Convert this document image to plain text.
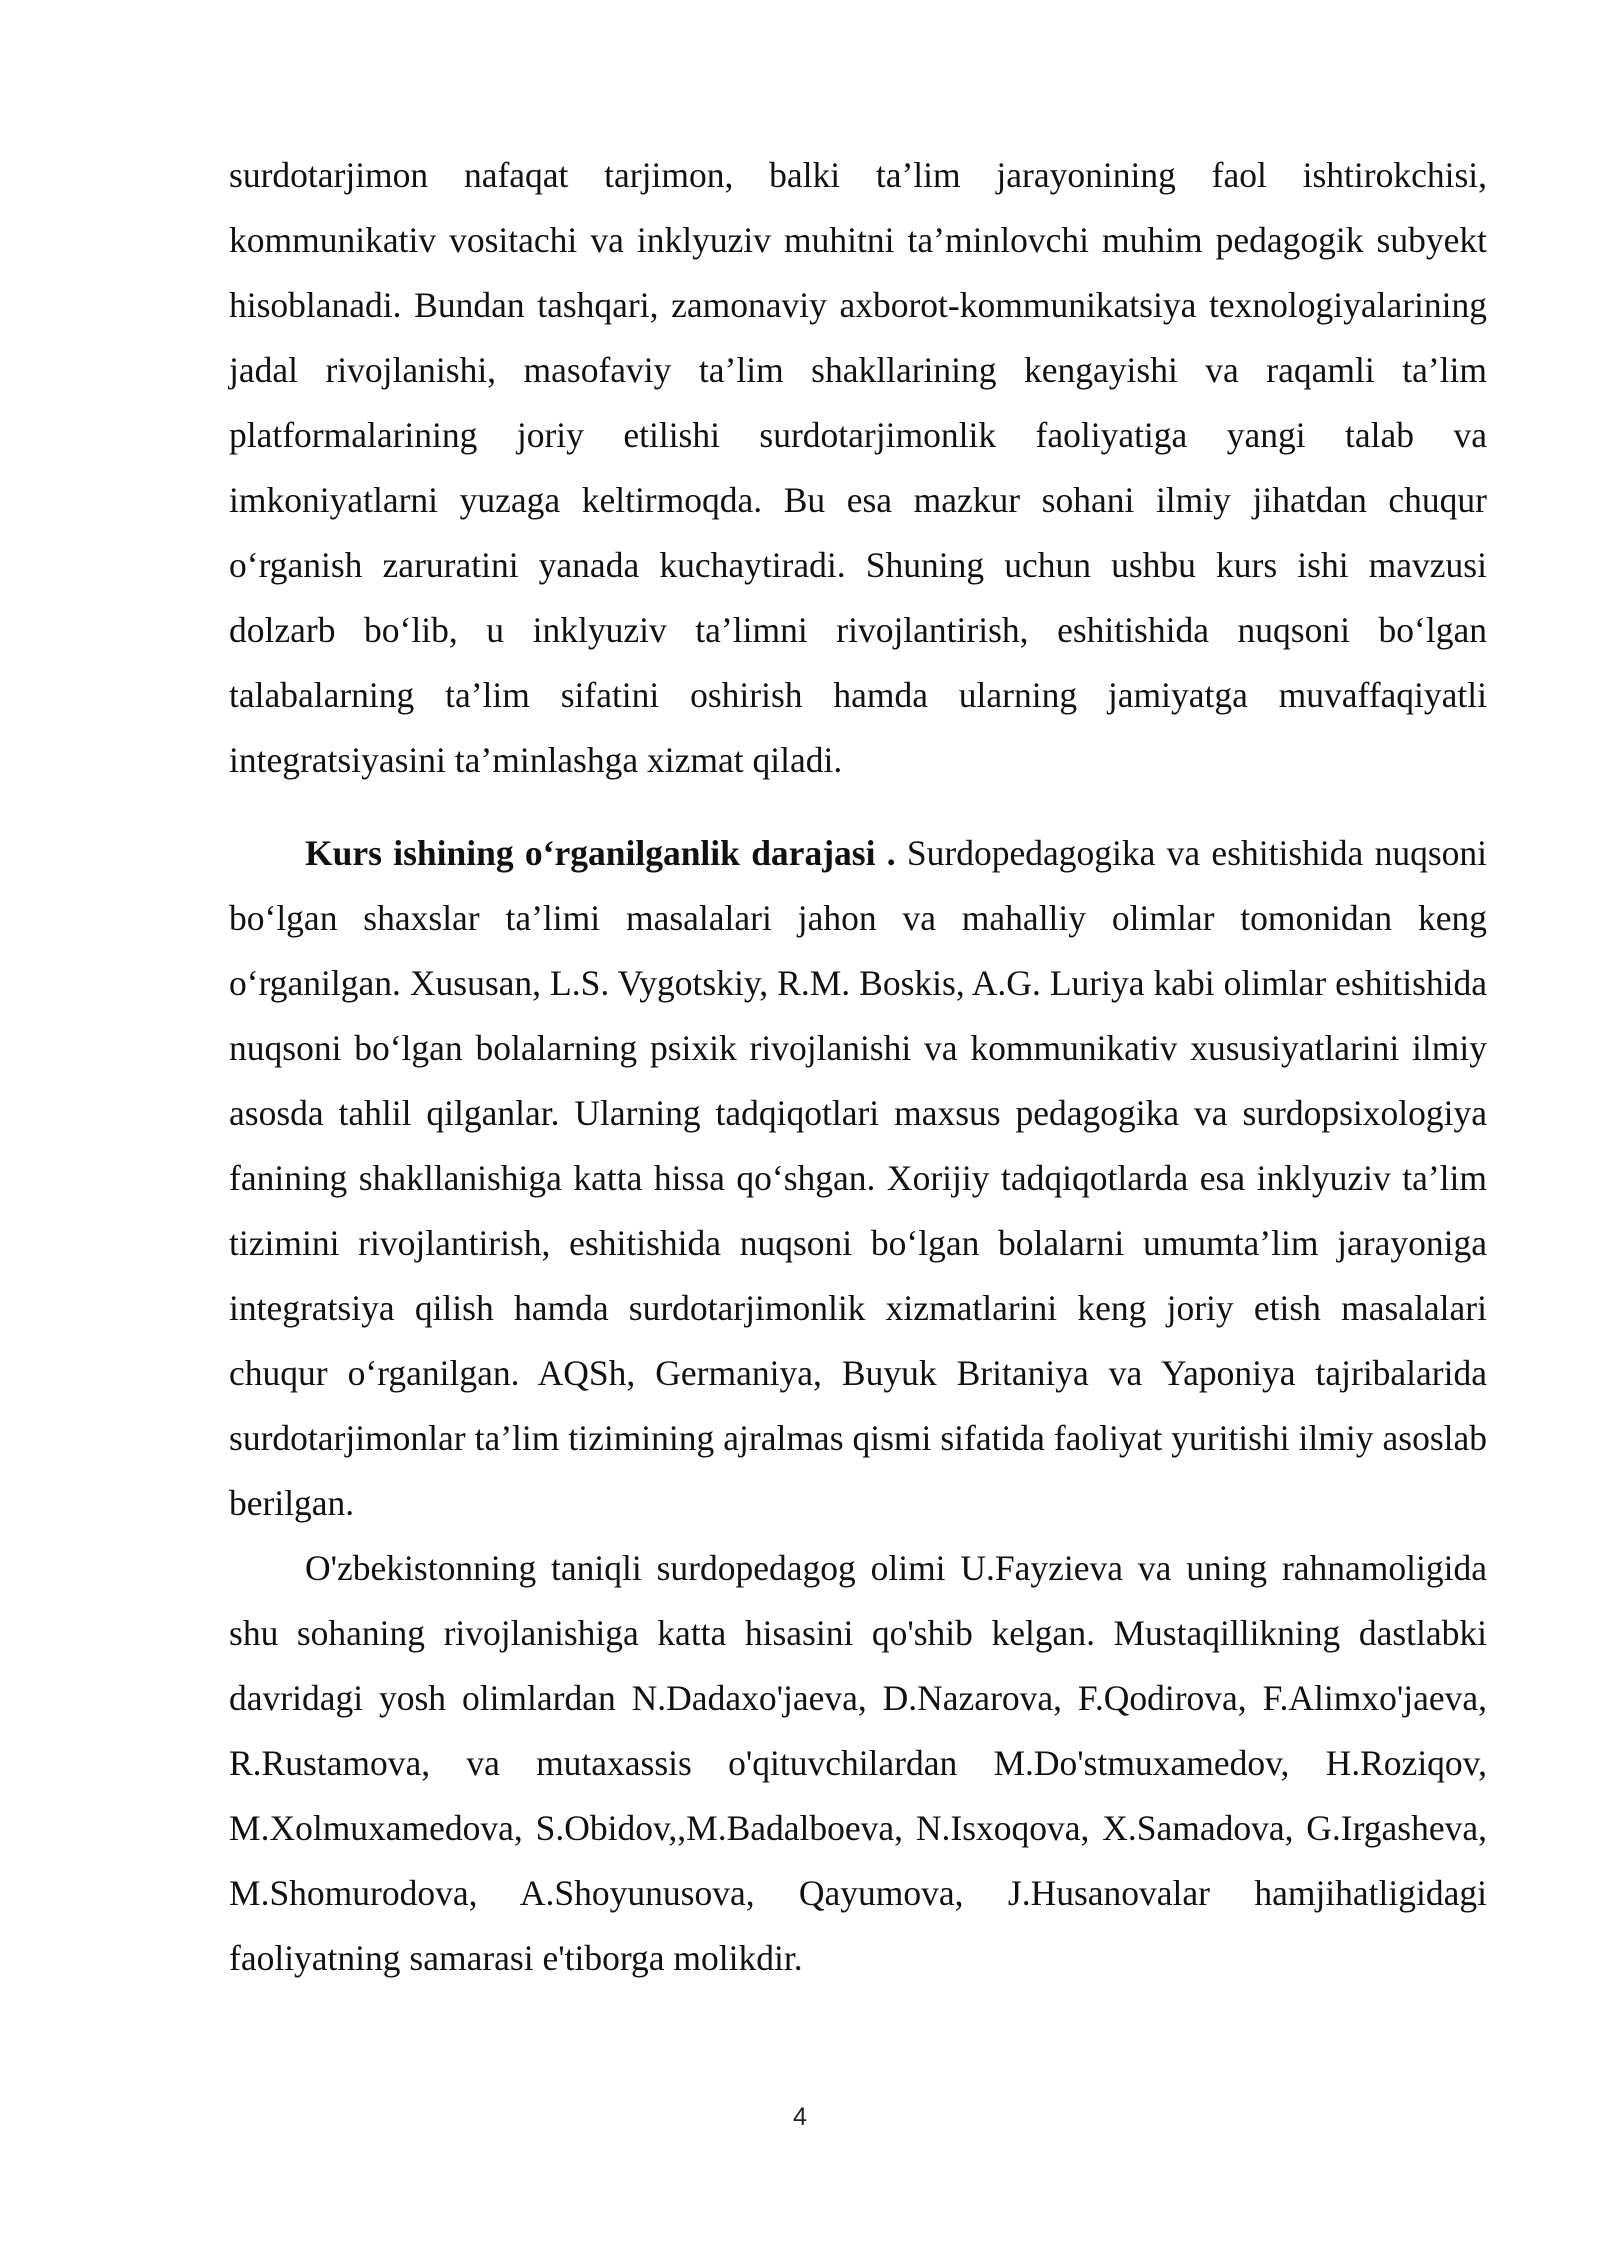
surdotarjimon nafaqat tarjimon, balki ta’lim jarayonining faol ishtirokchisi, kommunikativ vositachi va inklyuziv muhitni ta’minlovchi muhim pedagogik subyekt hisoblanadi. Bundan tashqari, zamonaviy axborot-kommunikatsiya texnologiyalarining jadal rivojlanishi, masofaviy ta’lim shakllarining kengayishi va raqamli ta’lim platformalarining joriy etilishi surdotarjimonlik faoliyatiga yangi talab va imkoniyatlarni yuzaga keltirmoqda. Bu esa mazkur sohani ilmiy jihatdan chuqur o‘rganish zaruratini yanada kuchaytiradi. Shuning uchun ushbu kurs ishi mavzusi dolzarb bo‘lib, u inklyuziv ta’limni rivojlantirish, eshitishida nuqsoni bo‘lgan talabalarning ta’lim sifatini oshirish hamda ularning jamiyatga muvaffaqiyatli integratsiyasini ta’minlashga xizmat qiladi.

Kurs ishining o‘rganilganlik darajasi . Surdopedagogika va eshitishida nuqsoni bo‘lgan shaxslar ta’limi masalalari jahon va mahalliy olimlar tomonidan keng o‘rganilgan. Xususan, L.S. Vygotskiy, R.M. Boskis, A.G. Luriya kabi olimlar eshitishida nuqsoni bo‘lgan bolalarning psixik rivojlanishi va kommunikativ xususiyatlarini ilmiy asosda tahlil qilganlar. Ularning tadqiqotlari maxsus pedagogika va surdopsixologiya fanining shakllanishiga katta hissa qo‘shgan. Xorijiy tadqiqotlarda esa inklyuziv ta’lim tizimini rivojlantirish, eshitishida nuqsoni bo‘lgan bolalarni umumta’lim jarayoniga integratsiya qilish hamda surdotarjimonlik xizmatlarini keng joriy etish masalalari chuqur o‘rganilgan. AQSh, Germaniya, Buyuk Britaniya va Yaponiya tajribalarida surdotarjimonlar ta’lim tizimining ajralmas qismi sifatida faoliyat yuritishi ilmiy asoslab berilgan.

O'zbekistonning taniqli surdopedagog olimi U.Fayzieva va uning rahnamoligida shu sohaning rivojlanishiga katta hisasini qo'shib kelgan. Mustaqillikning dastlabki davridagi yosh olimlardan N.Dadaxo'jaeva, D.Nazarova, F.Qodirova, F.Alimxo'jaeva, R.Rustamova, va mutaxassis o'qituvchilardan M.Do'stmuxamedov, H.Roziqov, M.Xolmuxamedova, S.Obidov,,M.Badalboeva, N.Isxoqova, X.Samadova, G.Irgasheva, M.Shomurodova, A.Shoyunusova, Qayumova, J.Husanovalar hamjihatligidagi faoliyatning samarasi e'tiborga molikdir.

4
